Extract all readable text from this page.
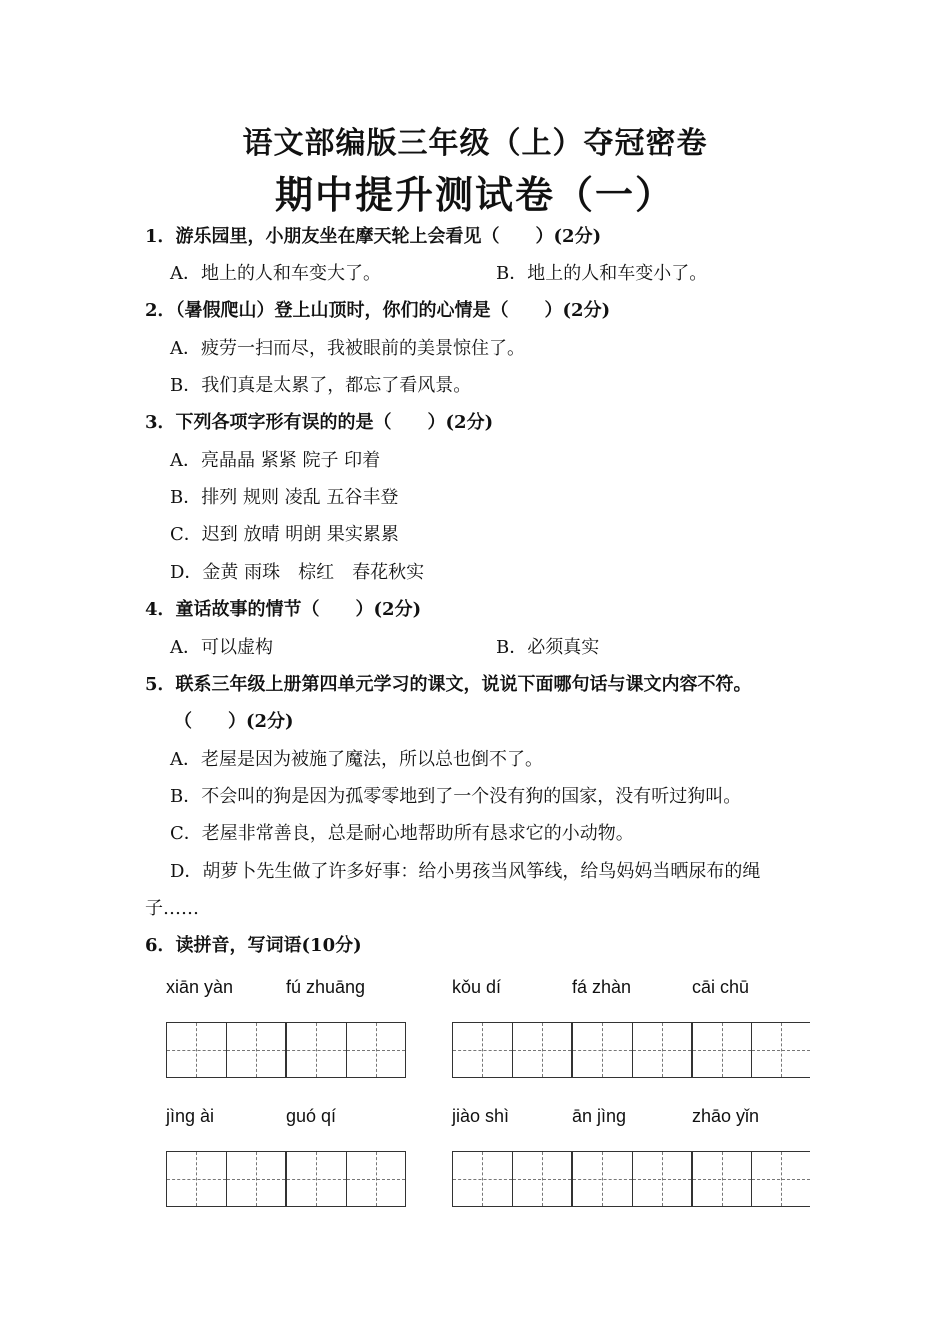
语文部编版三年级（上）夺冠密卷
期中提升测试卷（一）
1．游乐园里，小朋友坐在摩天轮上会看见（　　）(2分)
A．地上的人和车变大了。	B．地上的人和车变小了。
2．（暑假爬山）登上山顶时，你们的心情是（　　）(2分)
A．疲劳一扫而尽，我被眼前的美景惊住了。
B．我们真是太累了，都忘了看风景。
3．下列各项字形有误的的是（　　）(2分)
A．亮晶晶 紧紧 院子 印着
B．排列 规则 凌乱 五谷丰登
C．迟到 放晴 明朗 果实累累
D．金黄 雨珠　棕红　春花秋实
4．童话故事的情节（　　）(2分)
A．可以虚构	B．必须真实
5．联系三年级上册第四单元学习的课文，说说下面哪句话与课文内容不符。
（　　）(2分)
A．老屋是因为被施了魔法，所以总也倒不了。
B．不会叫的狗是因为孤零零地到了一个没有狗的国家，没有听过狗叫。
C．老屋非常善良，总是耐心地帮助所有恳求它的小动物。
D．胡萝卜先生做了许多好事：给小男孩当风筝线，给鸟妈妈当晒尿布的绳
子……
6．读拼音，写词语(10分)
xiān yàn	fú zhuāng	kǒu dí	fá zhàn	cāi chū
jìng ài	guó qí	jiào shì	ān jìng	zhāo yǐn
